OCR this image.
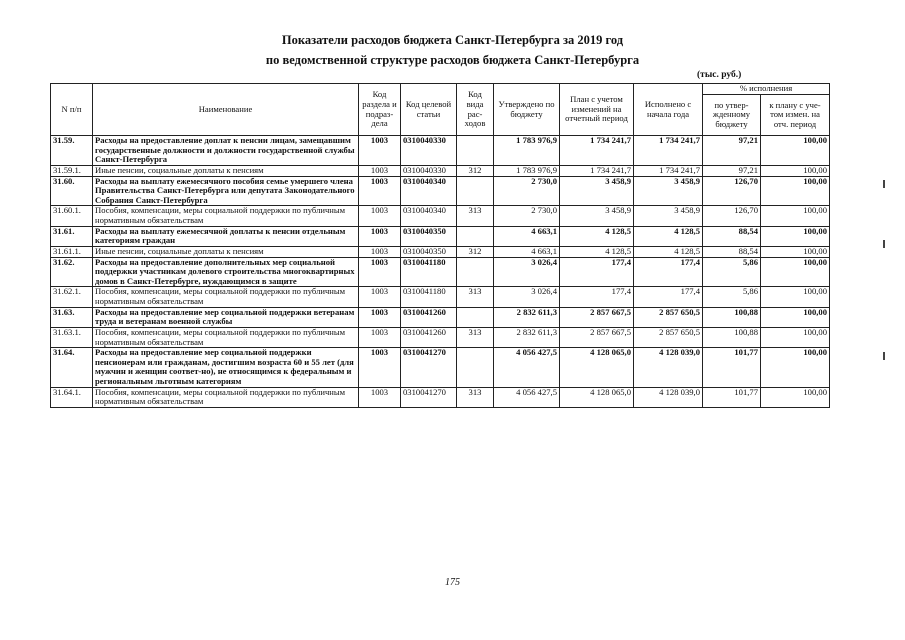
Показатели расходов бюджета Санкт-Петербурга за 2019 год
по ведомственной структуре расходов бюджета Санкт-Петербурга
(тыс. руб.)
N п/п	Наименование	Код раздела и подраз-дела	Код целевой статьи	Код вида рас-ходов	Утверждено по бюджету	План с учетом изменений на отчетный период	Исполнено с начала года	% исполнения	
								по утвер-жденному бюджету	к плану с уче-том измен. на отч. период
31.59.	Расходы на предоставление доплат к пенсии лицам, замещавшим государственные должности и должности государственной службы Санкт-Петербурга	1003	0310040330		1 783 976,9	1 734 241,7	1 734 241,7	97,21	100,00
31.59.1.	Иные пенсии, социальные доплаты к пенсиям	1003	0310040330	312	1 783 976,9	1 734 241,7	1 734 241,7	97,21	100,00
31.60.	Расходы на выплату ежемесячного пособия семье умершего члена Правительства Санкт-Петербурга или депутата Законодательного Собрания Санкт-Петербурга	1003	0310040340		2 730,0	3 458,9	3 458,9	126,70	100,00
31.60.1.	Пособия, компенсации, меры социальной поддержки по публичным нормативным обязательствам	1003	0310040340	313	2 730,0	3 458,9	3 458,9	126,70	100,00
31.61.	Расходы на выплату ежемесячной доплаты к пенсии отдельным категориям граждан	1003	0310040350		4 663,1	4 128,5	4 128,5	88,54	100,00
31.61.1.	Иные пенсии, социальные доплаты к пенсиям	1003	0310040350	312	4 663,1	4 128,5	4 128,5	88,54	100,00
31.62.	Расходы на предоставление дополнительных мер социальной поддержки участникам долевого строительства многоквартирных домов в Санкт-Петербурге, нуждающимся в защите	1003	0310041180		3 026,4	177,4	177,4	5,86	100,00
31.62.1.	Пособия, компенсации, меры социальной поддержки по публичным нормативным обязательствам	1003	0310041180	313	3 026,4	177,4	177,4	5,86	100,00
31.63.	Расходы на предоставление мер социальной поддержки ветеранам труда и ветеранам военной службы	1003	0310041260		2 832 611,3	2 857 667,5	2 857 650,5	100,88	100,00
31.63.1.	Пособия, компенсации, меры социальной поддержки по публичным нормативным обязательствам	1003	0310041260	313	2 832 611,3	2 857 667,5	2 857 650,5	100,88	100,00
31.64.	Расходы на предоставление мер социальной поддержки пенсионерам или гражданам, достигшим возраста 60 и 55 лет (для мужчин и женщин соответ-но), не относящимся к федеральным и региональным льготным категориям	1003	0310041270		4 056 427,5	4 128 065,0	4 128 039,0	101,77	100,00
31.64.1.	Пособия, компенсации, меры социальной поддержки по публичным нормативным обязательствам	1003	0310041270	313	4 056 427,5	4 128 065,0	4 128 039,0	101,77	100,00
175
